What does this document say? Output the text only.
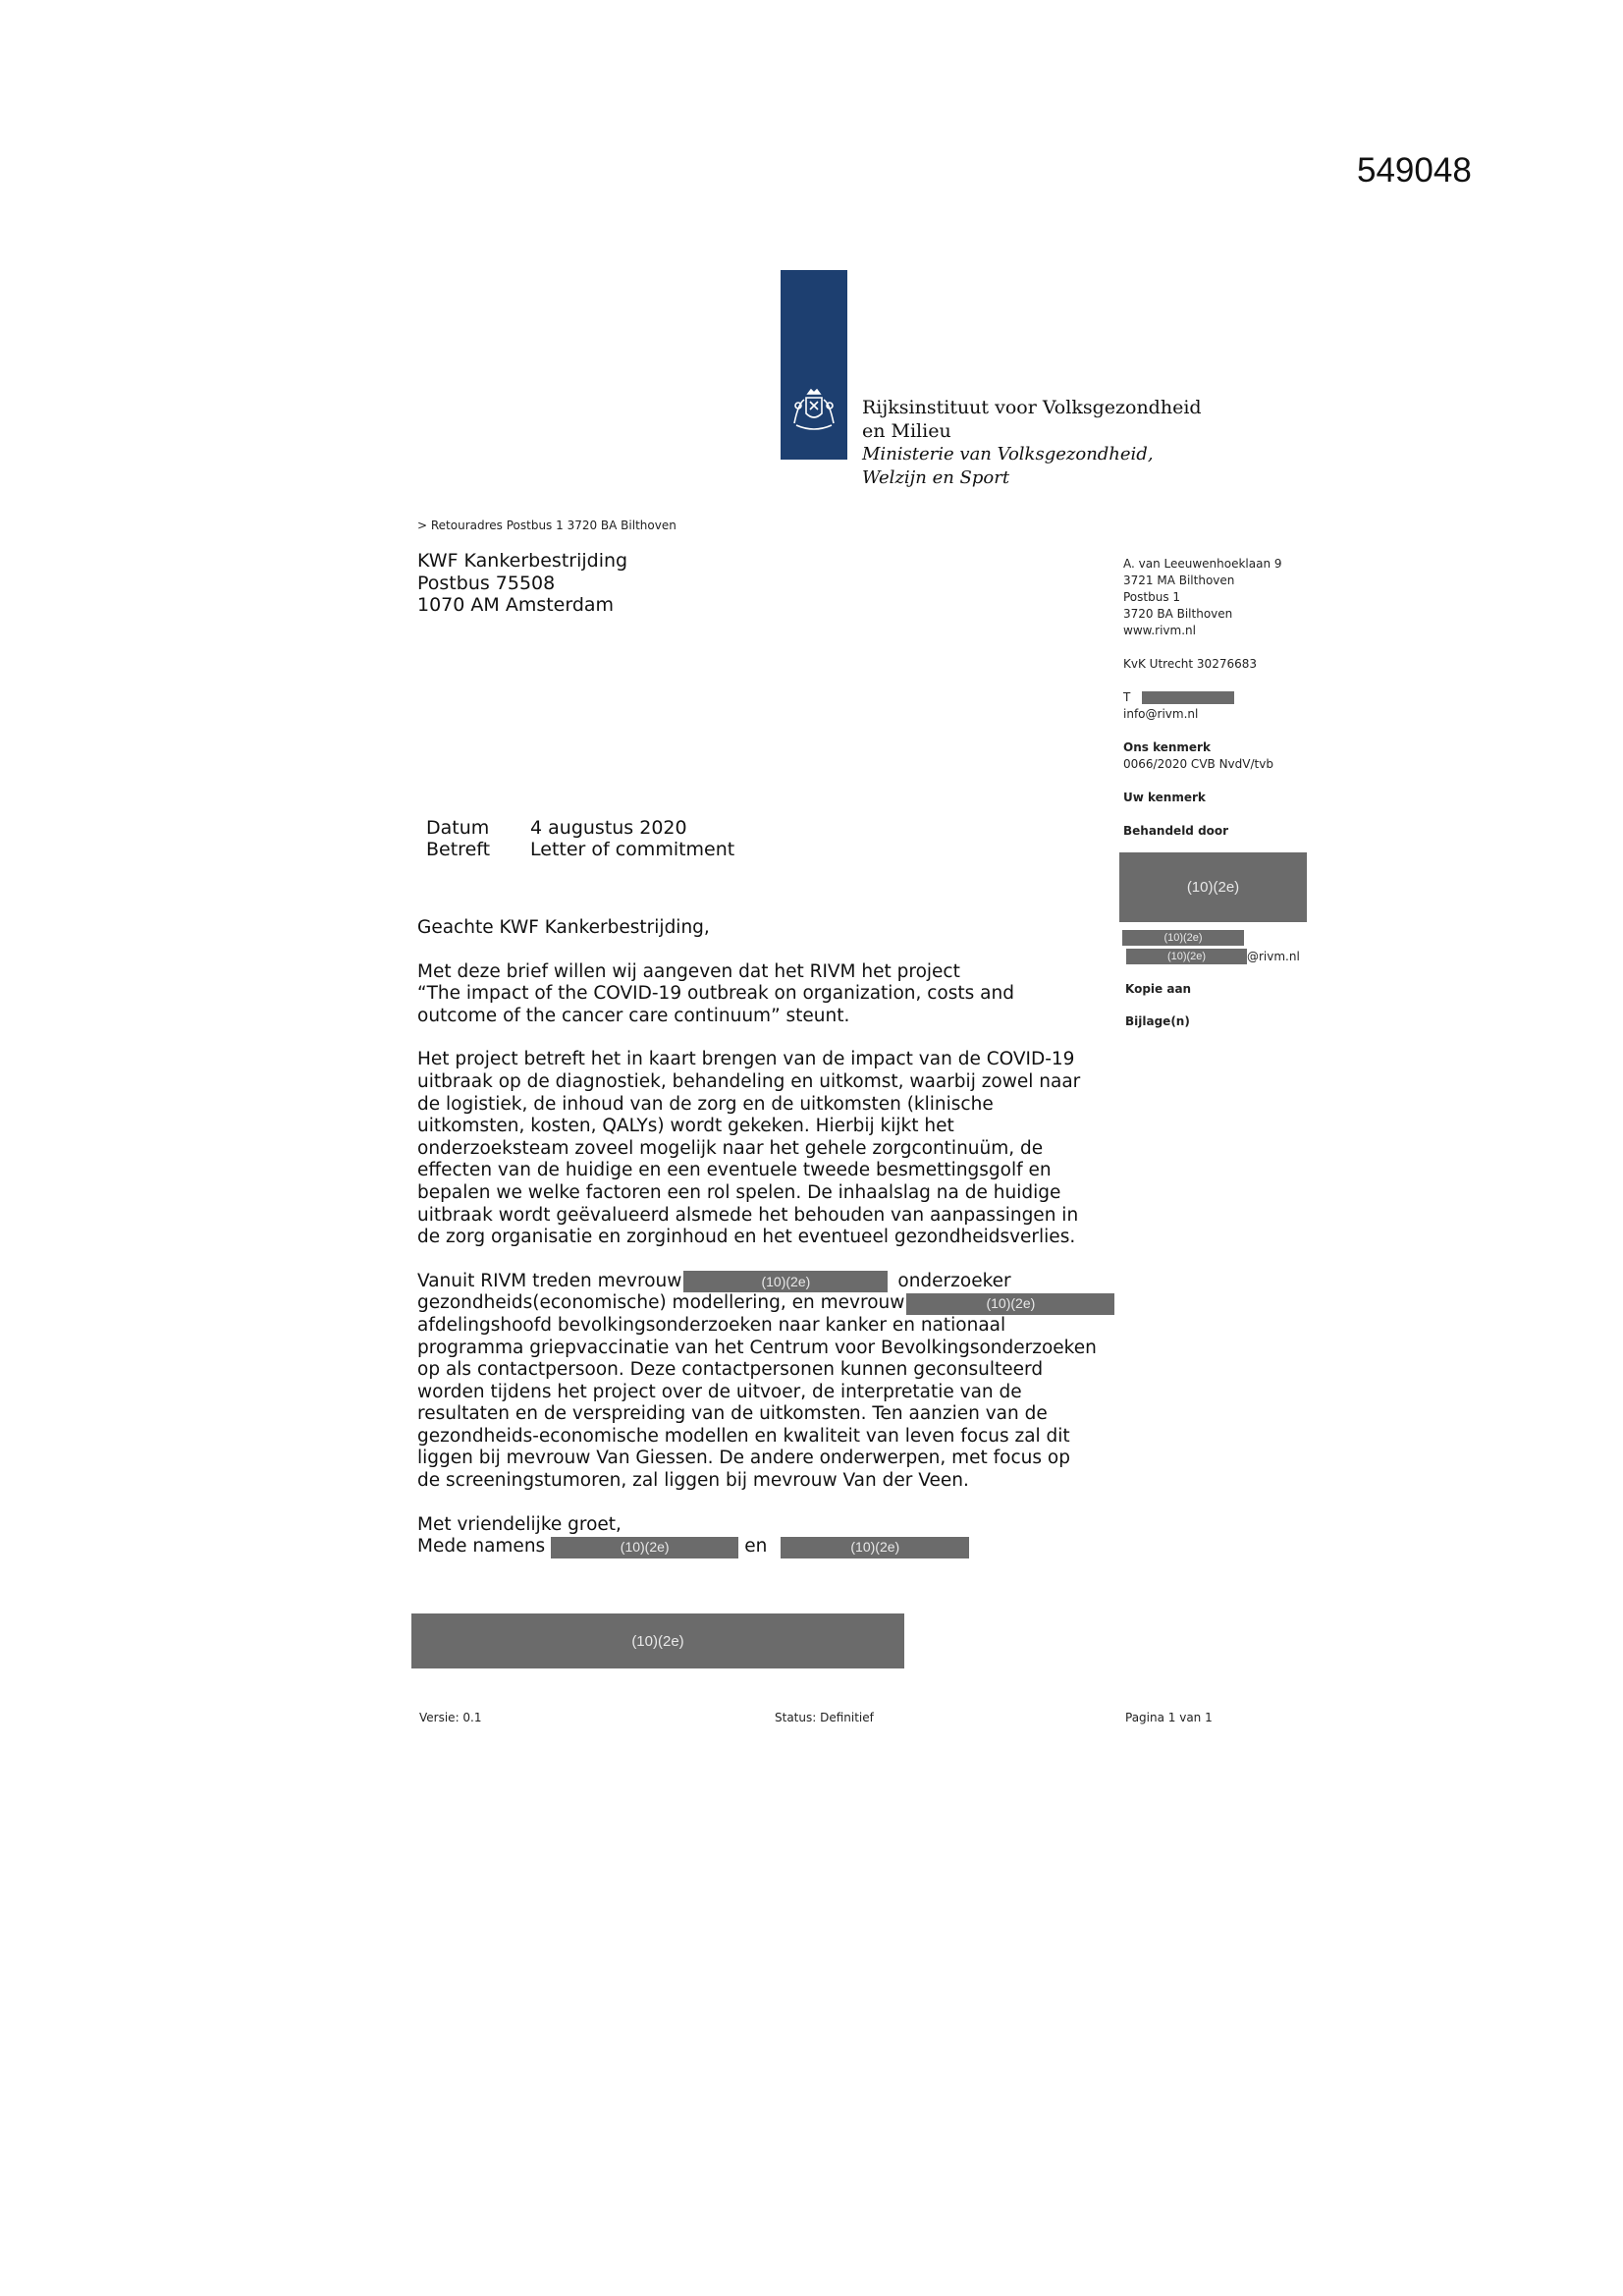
549048
Rijksinstituut voor Volksgezondheid
en Milieu
Ministerie van Volksgezondheid,
Welzijn en Sport
> Retouradres Postbus 1 3720 BA Bilthoven
KWF Kankerbestrijding
Postbus 75508
1070 AM Amsterdam
A. van Leeuwenhoeklaan 9
3721 MA Bilthoven
Postbus 1
3720 BA Bilthoven
www.rivm.nl
KvK Utrecht 30276683
T
info@rivm.nl
Ons kenmerk
0066/2020 CVB NvdV/tvb
Uw kenmerk
Behandeld door
(10)(2e)
(10)(2e)
(10)(2e)	@rivm.nl
Kopie aan
Bijlage(n)
Datum	4 augustus 2020
Betreft	Letter of commitment

Geachte KWF Kankerbestrijding,

Met deze brief willen wij aangeven dat het RIVM het project
“The impact of the COVID-19 outbreak on organization, costs and
outcome of the cancer care continuum” steunt.
Het project betreft het in kaart brengen van de impact van de COVID-19
uitbraak op de diagnostiek, behandeling en uitkomst, waarbij zowel naar
de logistiek, de inhoud van de zorg en de uitkomsten (klinische
uitkomsten, kosten, QALYs) wordt gekeken. Hierbij kijkt het
onderzoeksteam zoveel mogelijk naar het gehele zorgcontinuüm, de
effecten van de huidige en een eventuele tweede besmettingsgolf en
bepalen we welke factoren een rol spelen. De inhaalslag na de huidige
uitbraak wordt geëvalueerd alsmede het behouden van aanpassingen in
de zorg organisatie en zorginhoud en het eventueel gezondheidsverlies.
Vanuit RIVM treden mevrouw	(10)(2e)	onderzoeker
gezondheids(economische) modellering, en mevrouw	(10)(2e)
afdelingshoofd bevolkingsonderzoeken naar kanker en nationaal
programma griepvaccinatie van het Centrum voor Bevolkingsonderzoeken
op als contactpersoon. Deze contactpersonen kunnen geconsulteerd
worden tijdens het project over de uitvoer, de interpretatie van de
resultaten en de verspreiding van de uitkomsten. Ten aanzien van de
gezondheids-economische modellen en kwaliteit van leven focus zal dit
liggen bij mevrouw Van Giessen. De andere onderwerpen, met focus op
de screeningstumoren, zal liggen bij mevrouw Van der Veen.
Met vriendelijke groet,
Mede namens	(10)(2e)	en	(10)(2e)
(10)(2e)
Versie: 0.1	Status: Definitief	Pagina 1 van 1
